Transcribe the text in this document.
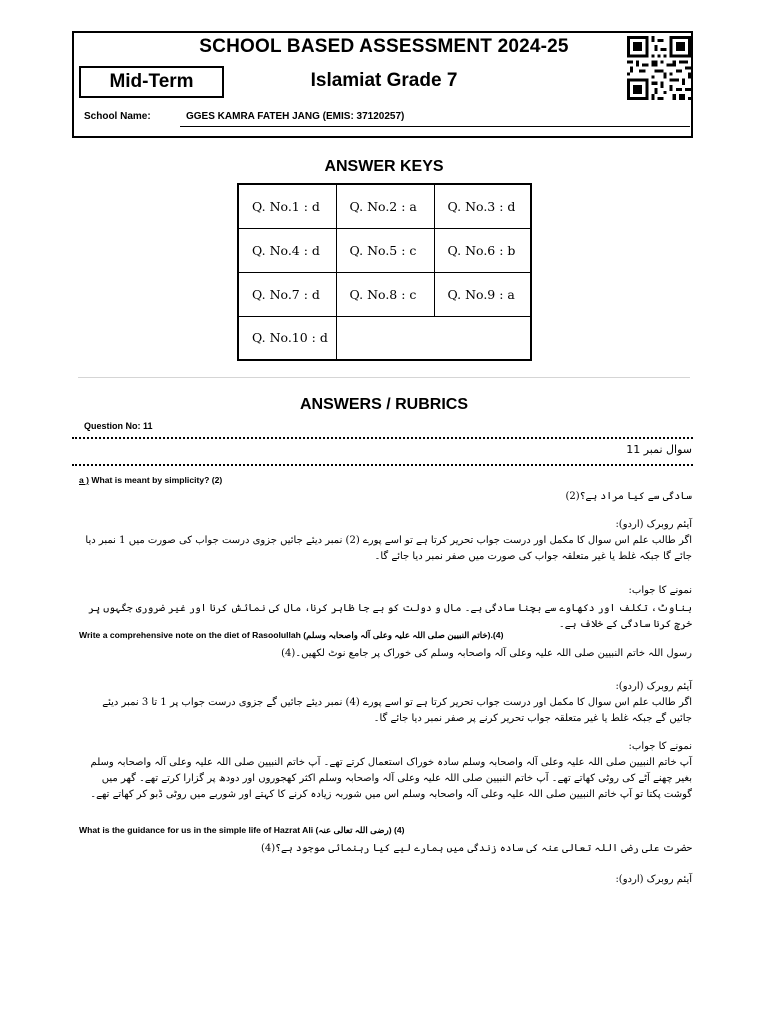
SCHOOL BASED ASSESSMENT 2024-25
Islamiat Grade 7
Mid-Term
School Name:	GGES KAMRA FATEH JANG (EMIS: 37120257)
ANSWER KEYS
Q. No.1 : d	Q. No.2 : a	Q. No.3 : d
Q. No.4 : d	Q. No.5 : c	Q. No.6 : b
Q. No.7 : d	Q. No.8 : c	Q. No.9 : a
Q. No.10 : d		
ANSWERS / RUBRICS
Question No: 11
سوال نمبر 11
a ) What is meant by simplicity? (2)
سادگی سے کیا مراد ہے؟(2)
آیئم روبرک (اردو):
اگر طالب علم اس سوال کا مکمل اور درست جواب تحریر کرتا ہے تو اسے پورے (2) نمبر دیئے جائیں جزوی درست جواب کی صورت میں 1 نمبر دیا جائے گا جبکہ غلط یا غیر متعلقہ جواب کی صورت میں صفر نمبر دیا جائے گا۔
نمونے کا جواب:
بناوٹ، تکلف اور دکھاوے سے بچنا سادگی ہے۔ مال و دولت کو بے جا ظاہر کرنا، مال کی نمائش کرنا اور غیر ضروری جگہوں پر خرچ کرنا سادگی کے خلاف ہے۔
Write a comprehensive note on the diet of Rasoolullah (خاتم النبیین صلی اللہ علیہ وعلی آلہ واصحابہ وسلم).(4)
رسول اللہ خاتم النبیین صلی اللہ علیہ وعلی آلہ واصحابہ وسلم کی خوراک پر جامع نوٹ لکھیں۔(4)
آیئم روبرک (اردو):
اگر طالب علم اس سوال کا مکمل اور درست جواب تحریر کرتا ہے تو اسے پورے (4) نمبر دیئے جائیں گے جزوی درست جواب پر 1 تا 3 نمبر دیئے جائیں گے جبکہ غلط یا غیر متعلقہ جواب تحریر کرنے پر صفر نمبر دیا جائے گا۔
نمونے کا جواب:
آپ خاتم النبیین صلی اللہ علیہ وعلی آلہ واصحابہ وسلم سادہ خوراک استعمال کرتے تھے۔ آپ خاتم النبیین صلی اللہ علیہ وعلی آلہ واصحابہ وسلم بغیر چھنے آٹے کی روٹی کھاتے تھے۔ آپ خاتم النبیین صلی اللہ علیہ وعلی آلہ واصحابہ وسلم اکثر کھجوروں اور دودھ پر گزارا کرتے تھے۔ گھر میں گوشت پکتا تو آپ خاتم النبیین صلی اللہ علیہ وعلی آلہ واصحابہ وسلم اس میں شوربہ زیادہ کرنے کا کہتے اور شوربے میں روٹی ڈبو کر کھاتے تھے۔
What is the guidance for us in the simple life of Hazrat Ali (رضی اللہ تعالی عنہ) (4)
حضرت علی رضی اللہ تعالی عنہ کی سادہ زندگی میں ہمارے لیے کیا رہنمائی موجود ہے؟(4)
آیئم روبرک (اردو):
